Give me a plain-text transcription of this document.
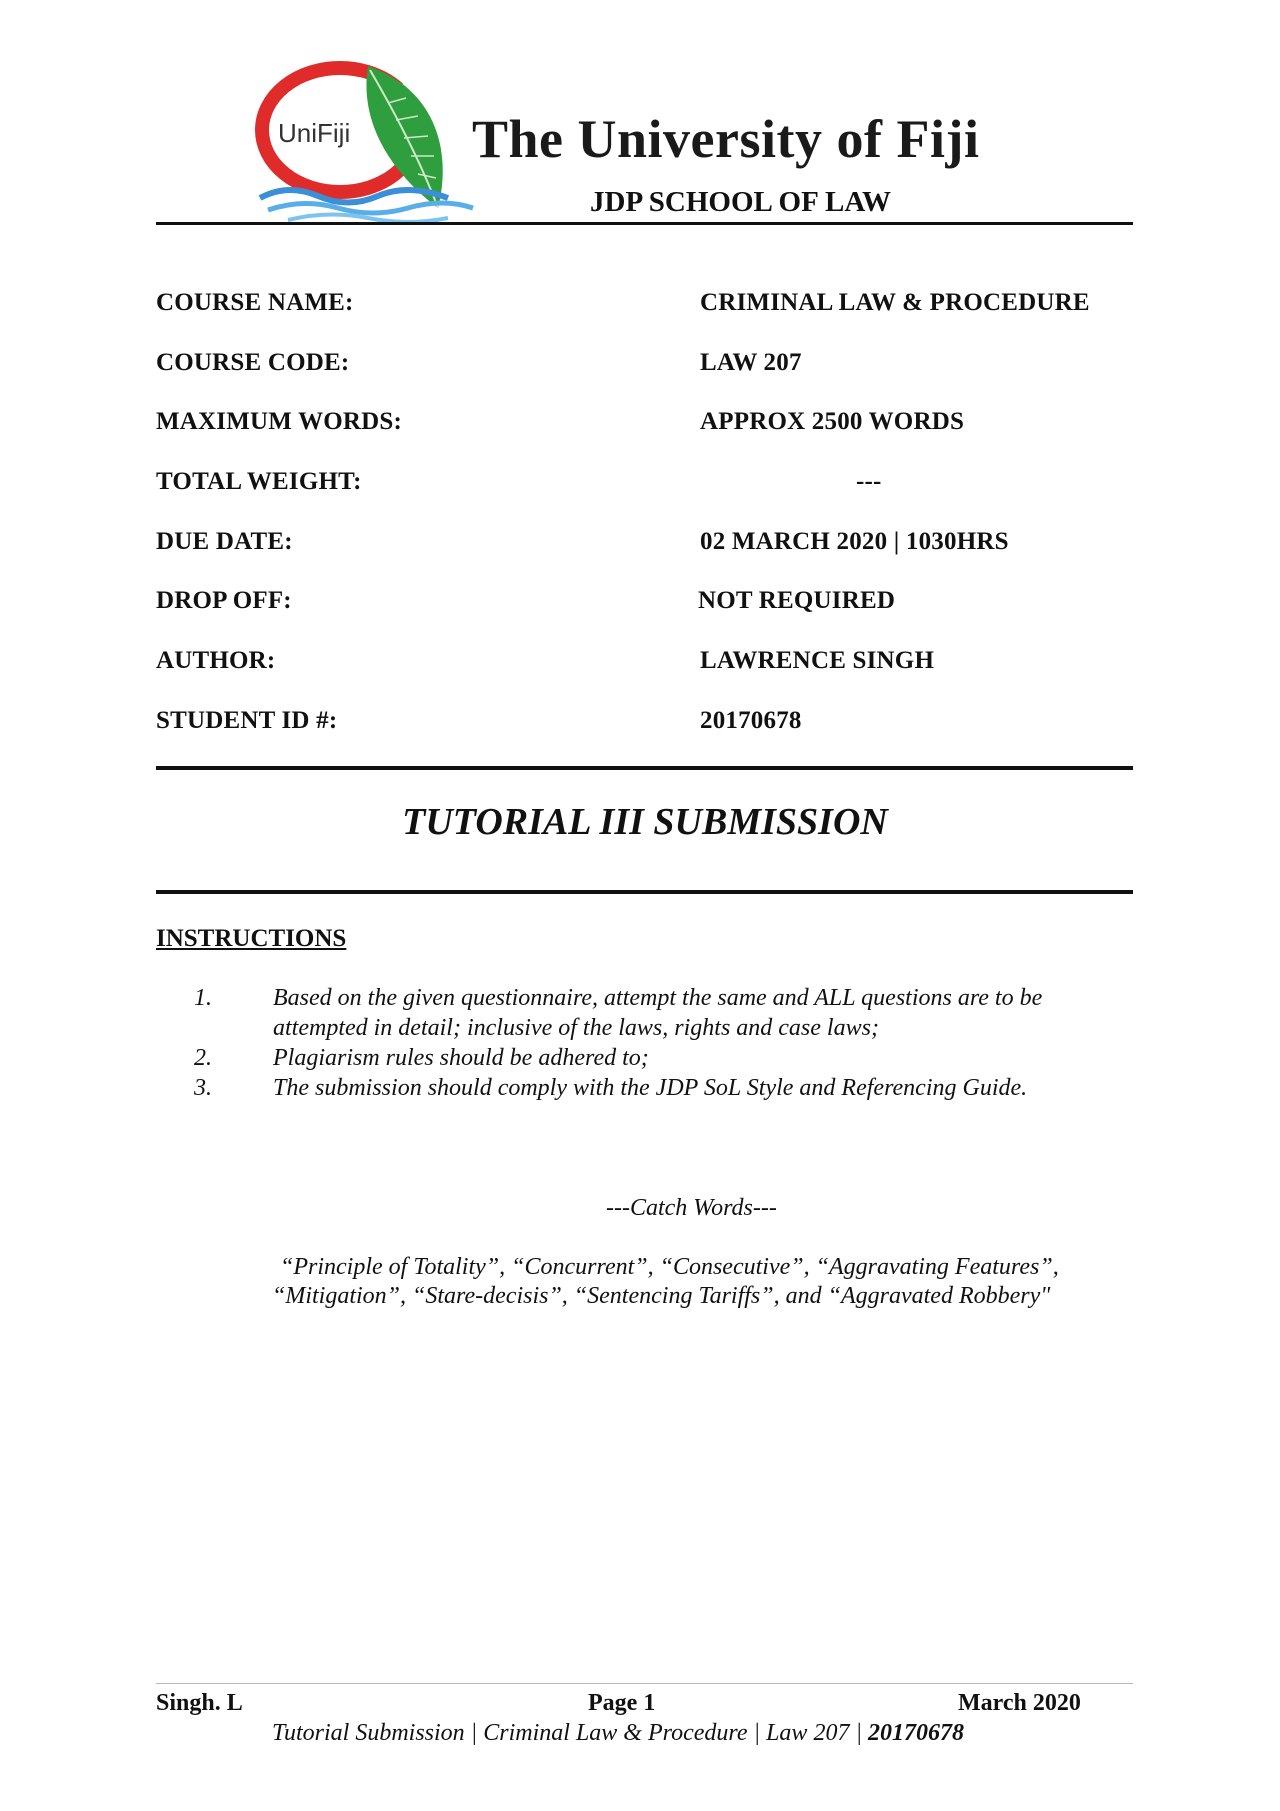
UniFiji The University of Fiji
JDP SCHOOL OF LAW
COURSE NAME:	CRIMINAL LAW & PROCEDURE
COURSE CODE:	LAW 207
MAXIMUM WORDS:	APPROX 2500 WORDS
TOTAL WEIGHT:	---
DUE DATE:	02 MARCH 2020 | 1030HRS
DROP OFF:	NOT REQUIRED
AUTHOR:	LAWRENCE SINGH
STUDENT ID #:	20170678
TUTORIAL III SUBMISSION
INSTRUCTIONS
1.	Based on the given questionnaire, attempt the same and ALL questions are to be
attempted in detail; inclusive of the laws, rights and case laws;
2.	Plagiarism rules should be adhered to;
3.	The submission should comply with the JDP SoL Style and Referencing Guide.
---Catch Words---
“Principle of Totality”, “Concurrent”, “Consecutive”, “Aggravating Features”,
“Mitigation”, “Stare-decisis”, “Sentencing Tariffs”, and “Aggravated Robbery"
Singh. L	Page 1	March 2020
Tutorial Submission | Criminal Law & Procedure | Law 207 | 20170678
